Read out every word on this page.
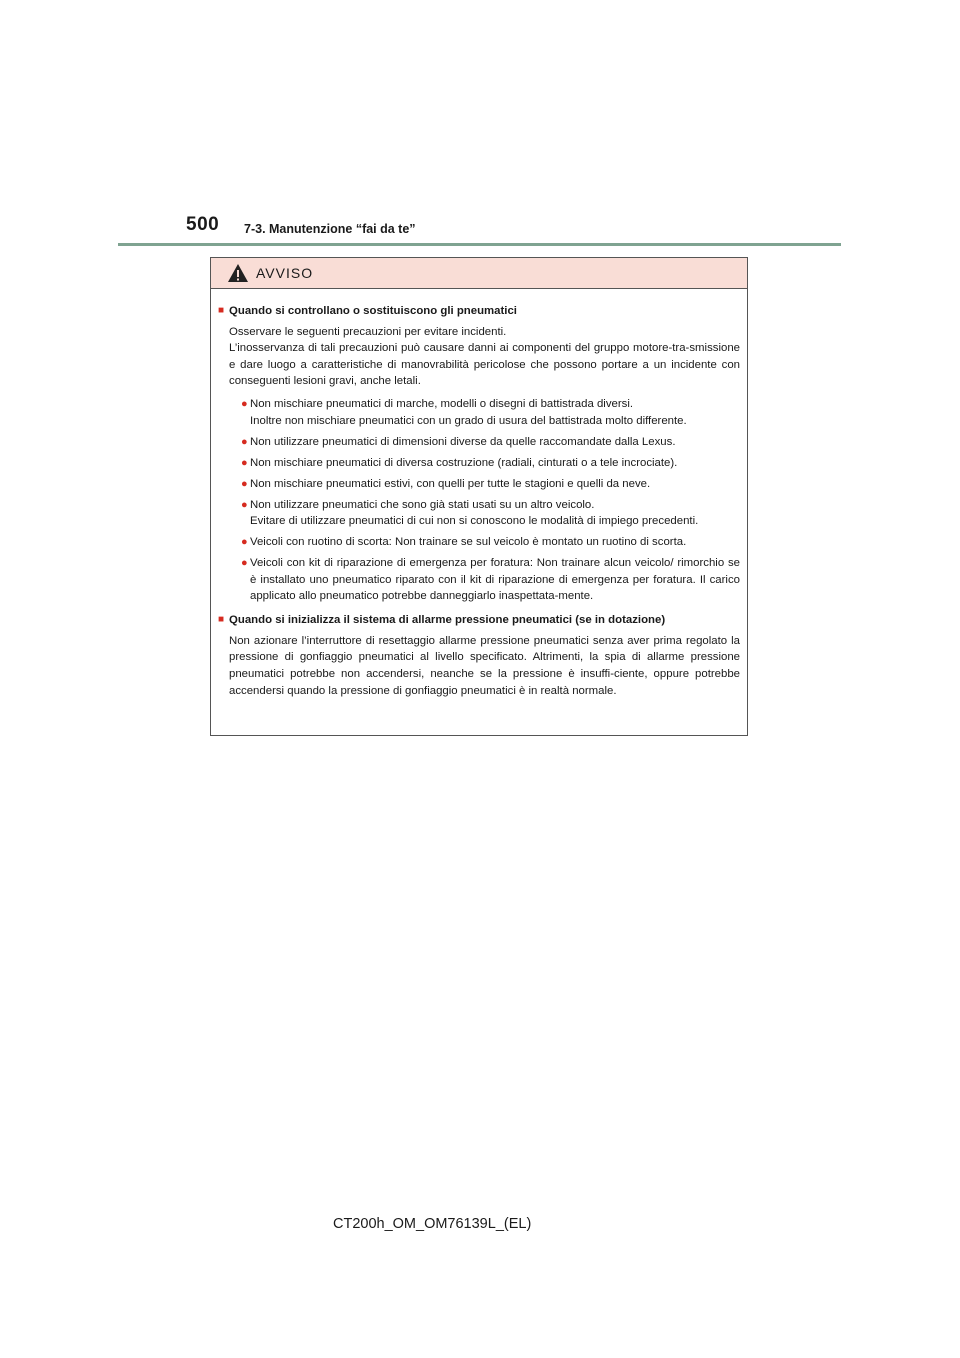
500 7-3. Manutenzione “fai da te”
AVVISO
■ Quando si controllano o sostituiscono gli pneumatici
Osservare le seguenti precauzioni per evitare incidenti.
L’inosservanza di tali precauzioni può causare danni ai componenti del gruppo motore-tra-smissione e dare luogo a caratteristiche di manovrabilità pericolose che possono portare a un incidente con conseguenti lesioni gravi, anche letali.
● Non mischiare pneumatici di marche, modelli o disegni di battistrada diversi.
Inoltre non mischiare pneumatici con un grado di usura del battistrada molto differente.
● Non utilizzare pneumatici di dimensioni diverse da quelle raccomandate dalla Lexus.
● Non mischiare pneumatici di diversa costruzione (radiali, cinturati o a tele incrociate).
● Non mischiare pneumatici estivi, con quelli per tutte le stagioni e quelli da neve.
● Non utilizzare pneumatici che sono già stati usati su un altro veicolo.
Evitare di utilizzare pneumatici di cui non si conoscono le modalità di impiego precedenti.
● Veicoli con ruotino di scorta: Non trainare se sul veicolo è montato un ruotino di scorta.
● Veicoli con kit di riparazione di emergenza per foratura: Non trainare alcun veicolo/ rimorchio se è installato uno pneumatico riparato con il kit di riparazione di emergenza per foratura. Il carico applicato allo pneumatico potrebbe danneggiarlo inaspettata-mente.
■ Quando si inizializza il sistema di allarme pressione pneumatici (se in dotazione)
Non azionare l’interruttore di resettaggio allarme pressione pneumatici senza aver prima regolato la pressione di gonfiaggio pneumatici al livello specificato. Altrimenti, la spia di allarme pressione pneumatici potrebbe non accendersi, neanche se la pressione è insuffi-ciente, oppure potrebbe accendersi quando la pressione di gonfiaggio pneumatici è in realtà normale.
CT200h_OM_OM76139L_(EL)
